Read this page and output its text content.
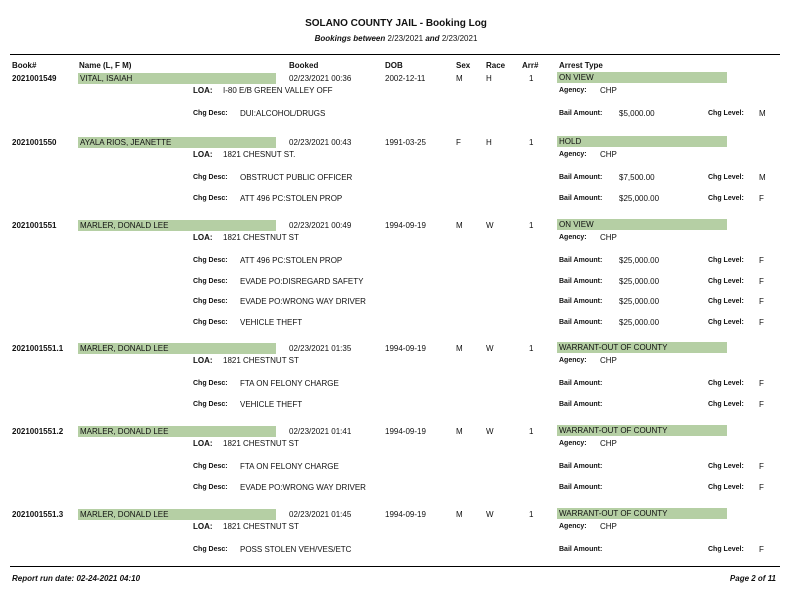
SOLANO COUNTY JAIL - Booking Log
Bookings between 2/23/2021 and 2/23/2021
Book#	Name (L, F M)	Booked	DOB	Sex Race Arr#	Arrest Type
2021001549	VITAL, ISAIAH	02/23/2021 00:36	2002-12-11	M	H	1	ON VIEW
LOA: I-80 E/B GREEN VALLEY OFF	Agency: CHP
Chg Desc: DUI:ALCOHOL/DRUGS	Bail Amount: $5,000.00	Chg Level: M
2021001550	AYALA RIOS, JEANETTE	02/23/2021 00:43	1991-03-25	F	H	1	HOLD
LOA: 1821 CHESNUT ST.	Agency: CHP
Chg Desc: OBSTRUCT PUBLIC OFFICER	Bail Amount: $7,500.00	Chg Level: M
Chg Desc: ATT 496 PC:STOLEN PROP	Bail Amount: $25,000.00	Chg Level: F
2021001551	MARLER, DONALD LEE	02/23/2021 00:49	1994-09-19	M	W	1	ON VIEW
LOA: 1821 CHESTNUT ST	Agency: CHP
Chg Desc: ATT 496 PC:STOLEN PROP	Bail Amount: $25,000.00	Chg Level: F
Chg Desc: EVADE PO:DISREGARD SAFETY	Bail Amount: $25,000.00	Chg Level: F
Chg Desc: EVADE PO:WRONG WAY DRIVER	Bail Amount: $25,000.00	Chg Level: F
Chg Desc: VEHICLE THEFT	Bail Amount: $25,000.00	Chg Level: F
2021001551.1 MARLER, DONALD LEE	02/23/2021 01:35	1994-09-19	M	W	1	WARRANT-OUT OF COUNTY
LOA: 1821 CHESTNUT ST	Agency: CHP
Chg Desc: FTA ON FELONY CHARGE	Bail Amount:	Chg Level: F
Chg Desc: VEHICLE THEFT	Bail Amount:	Chg Level: F
2021001551.2 MARLER, DONALD LEE	02/23/2021 01:41	1994-09-19	M	W	1	WARRANT-OUT OF COUNTY
LOA: 1821 CHESTNUT ST	Agency: CHP
Chg Desc: FTA ON FELONY CHARGE	Bail Amount:	Chg Level: F
Chg Desc: EVADE PO:WRONG WAY DRIVER	Bail Amount:	Chg Level: F
2021001551.3 MARLER, DONALD LEE	02/23/2021 01:45	1994-09-19	M	W	1	WARRANT-OUT OF COUNTY
LOA: 1821 CHESTNUT ST	Agency: CHP
Chg Desc: POSS STOLEN VEH/VES/ETC	Bail Amount:	Chg Level: F
Report run date: 02-24-2021 04:10	Page 2 of 11
